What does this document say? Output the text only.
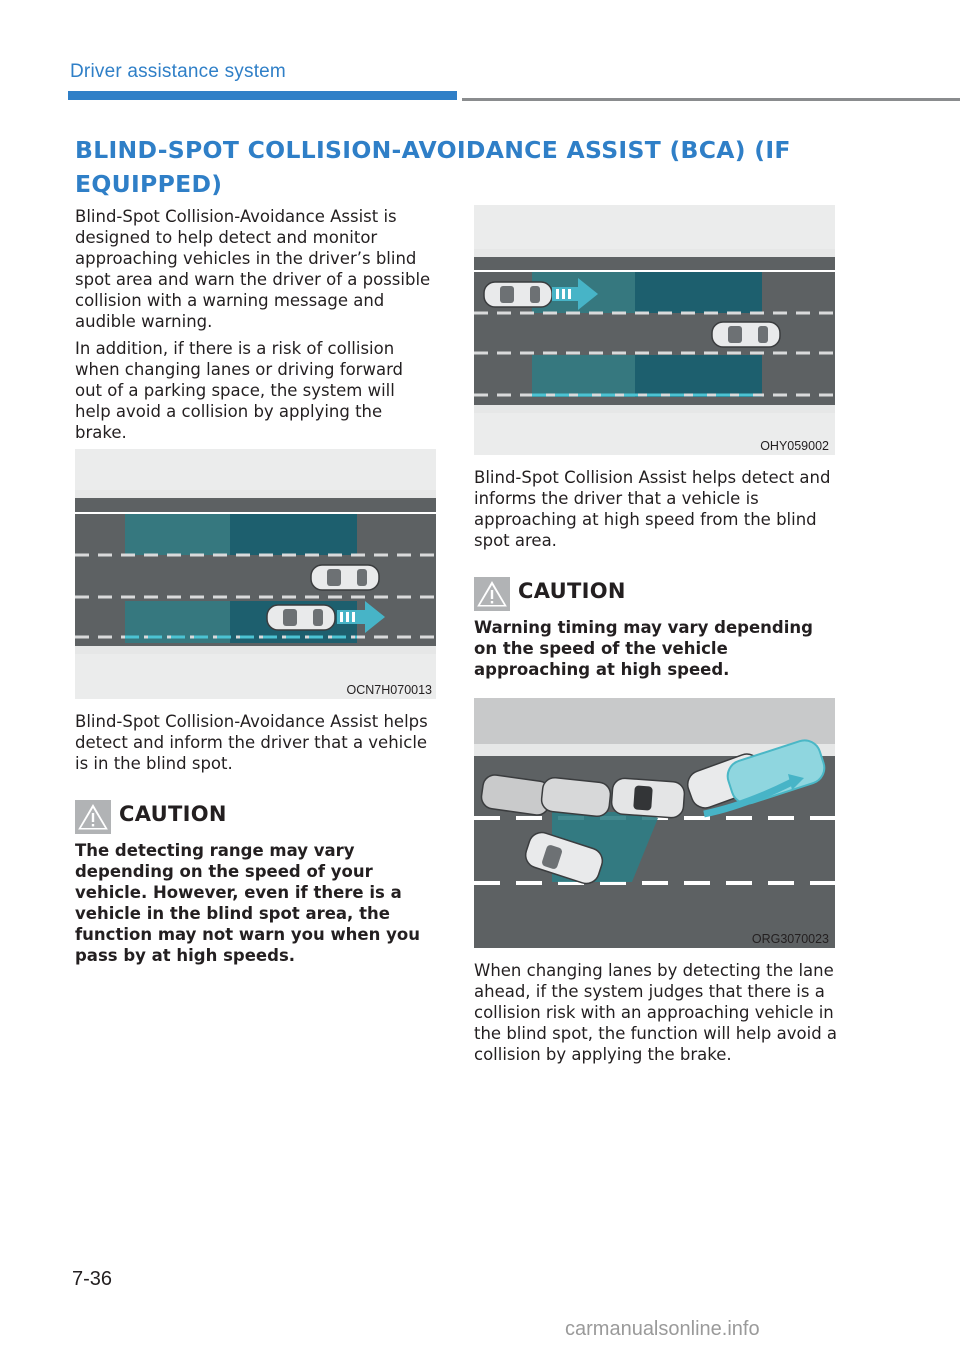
Driver assistance system
BLIND-SPOT COLLISION-AVOIDANCE ASSIST (BCA) (IF EQUIPPED)

Blind-Spot Collision-Avoidance Assist is designed to help detect and monitor approaching vehicles in the driver’s blind spot area and warn the driver of a possible collision with a warning message and audible warning.

In addition, if there is a risk of collision when changing lanes or driving forward out of a parking space, the system will help avoid a collision by applying the brake.

OCN7H070013

Blind-Spot Collision-Avoidance Assist helps detect and inform the driver that a vehicle is in the blind spot.

CAUTION

The detecting range may vary depending on the speed of your vehicle. However, even if there is a vehicle in the blind spot area, the function may not warn you when you pass by at high speeds.

OHY059002

Blind-Spot Collision Assist helps detect and informs the driver that a vehicle is approaching at high speed from the blind spot area.

CAUTION

Warning timing may vary depending on the speed of the vehicle approaching at high speed.

ORG3070023

When changing lanes by detecting the lane ahead, if the system judges that there is a collision risk with an approaching vehicle in the blind spot, the function will help avoid a collision by applying the brake.

7-36
carmanualsonline.info
